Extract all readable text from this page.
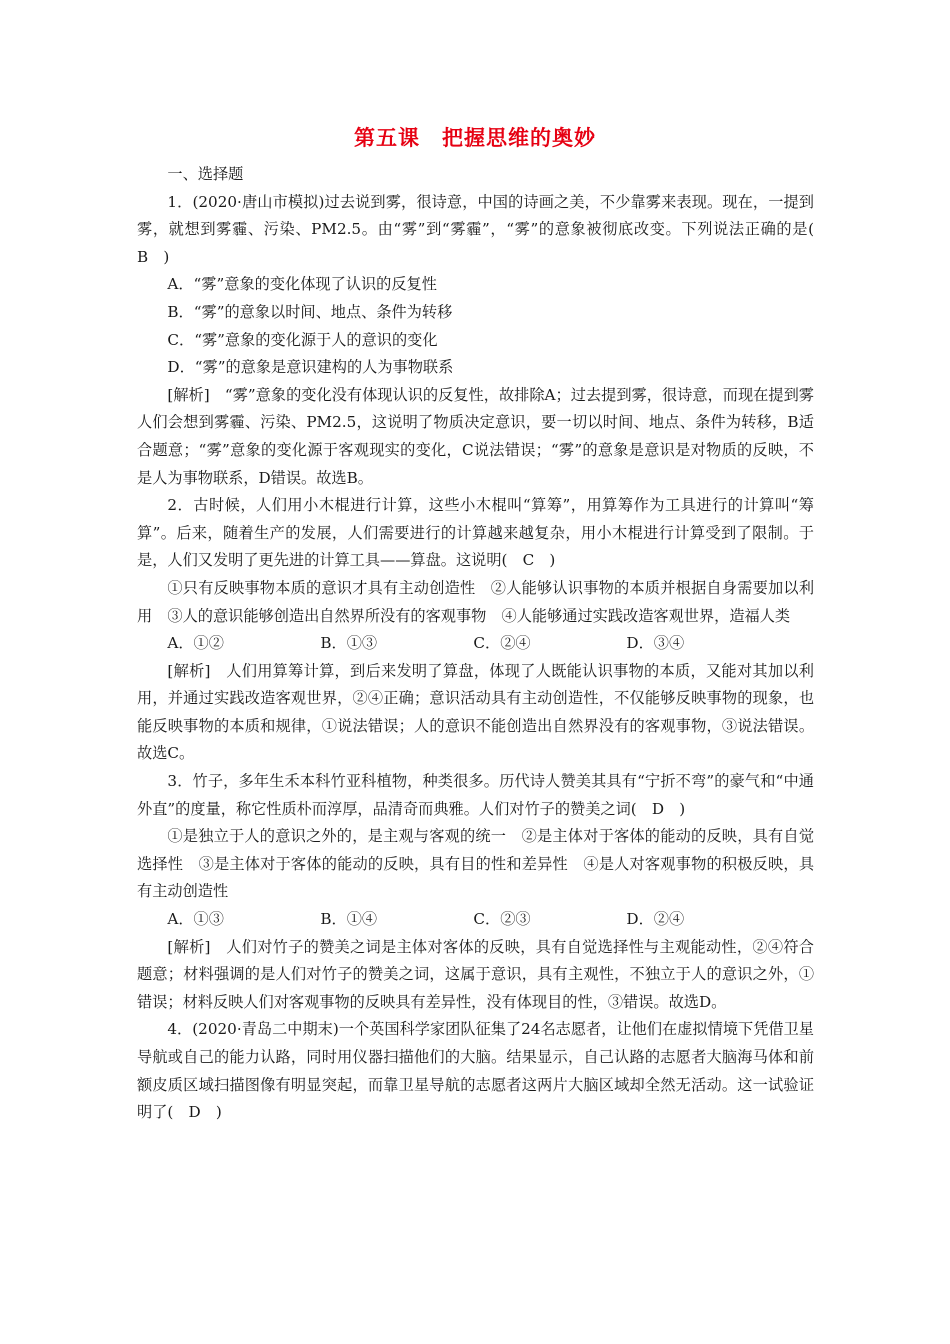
第五课　把握思维的奥妙

一、选择题

1．(2020·唐山市模拟)过去说到雾，很诗意，中国的诗画之美，不少靠雾来表现。现在，一提到雾，就想到雾霾、污染、PM2.5。由“雾”到“雾霾”，“雾”的意象被彻底改变。下列说法正确的是(　B　)

A．“雾”意象的变化体现了认识的反复性

B．“雾”的意象以时间、地点、条件为转移

C．“雾”意象的变化源于人的意识的变化

D．“雾”的意象是意识建构的人为事物联系

[解析]　“雾”意象的变化没有体现认识的反复性，故排除A；过去提到雾，很诗意，而现在提到雾人们会想到雾霾、污染、PM2.5，这说明了物质决定意识，要一切以时间、地点、条件为转移，B适合题意；“雾”意象的变化源于客观现实的变化，C说法错误；“雾”的意象是意识是对物质的反映，不是人为事物联系，D错误。故选B。

2．古时候，人们用小木棍进行计算，这些小木棍叫“算筹”，用算筹作为工具进行的计算叫“筹算”。后来，随着生产的发展，人们需要进行的计算越来越复杂，用小木棍进行计算受到了限制。于是，人们又发明了更先进的计算工具——算盘。这说明(　C　)

①只有反映事物本质的意识才具有主动创造性　②人能够认识事物的本质并根据自身需要加以利用　③人的意识能够创造出自然界所没有的客观事物　④人能够通过实践改造客观世界，造福人类

A．①②	B．①③	C．②④	D．③④

[解析]　人们用算筹计算，到后来发明了算盘，体现了人既能认识事物的本质，又能对其加以利用，并通过实践改造客观世界，②④正确；意识活动具有主动创造性，不仅能够反映事物的现象，也能反映事物的本质和规律，①说法错误；人的意识不能创造出自然界没有的客观事物，③说法错误。故选C。

3．竹子，多年生禾本科竹亚科植物，种类很多。历代诗人赞美其具有“宁折不弯”的豪气和“中通外直”的度量，称它性质朴而淳厚，品清奇而典雅。人们对竹子的赞美之词(　D　)

①是独立于人的意识之外的，是主观与客观的统一　②是主体对于客体的能动的反映，具有自觉选择性　③是主体对于客体的能动的反映，具有目的性和差异性　④是人对客观事物的积极反映，具有主动创造性

A．①③	B．①④	C．②③	D．②④

[解析]　人们对竹子的赞美之词是主体对客体的反映，具有自觉选择性与主观能动性，②④符合题意；材料强调的是人们对竹子的赞美之词，这属于意识，具有主观性，不独立于人的意识之外，①错误；材料反映人们对客观事物的反映具有差异性，没有体现目的性，③错误。故选D。

4．(2020·青岛二中期末)一个英国科学家团队征集了24名志愿者，让他们在虚拟情境下凭借卫星导航或自己的能力认路，同时用仪器扫描他们的大脑。结果显示，自己认路的志愿者大脑海马体和前额皮质区域扫描图像有明显突起，而靠卫星导航的志愿者这两片大脑区域却全然无活动。这一试验证明了(　D　)
